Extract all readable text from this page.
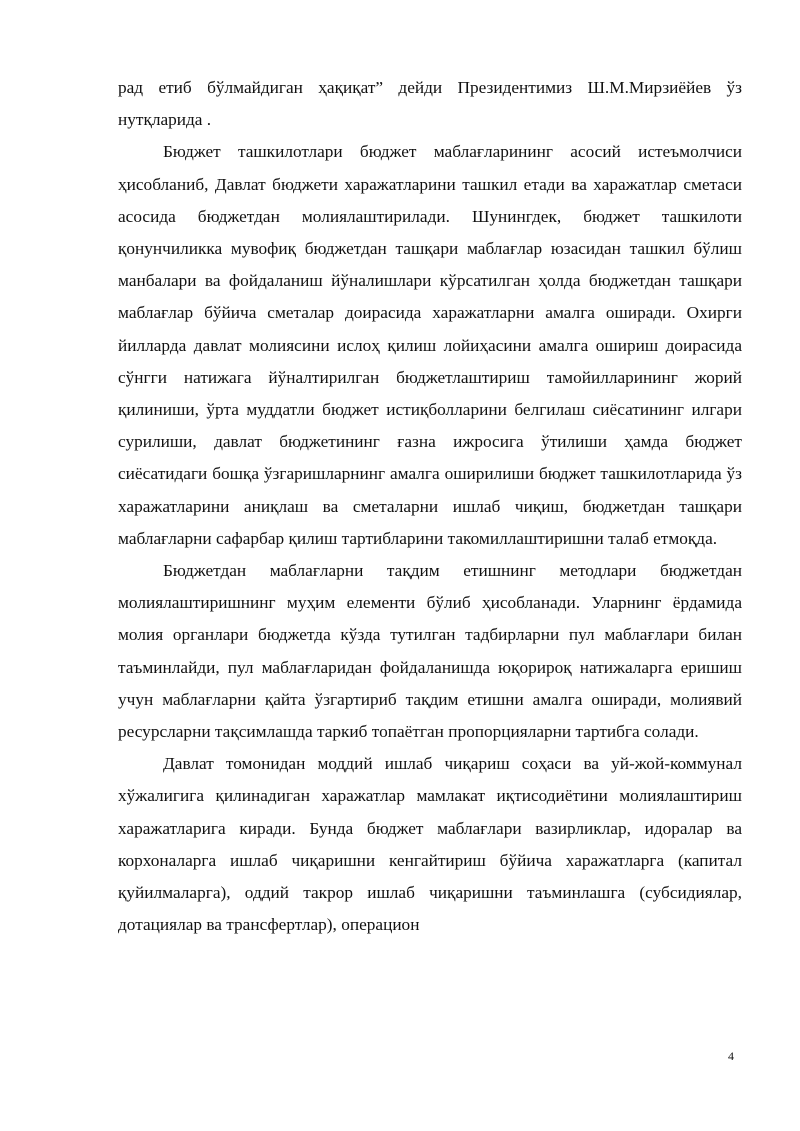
рад етиб бўлмайдиган ҳақиқат” дейди Президентимиз Ш.М.Мирзиёйев ўз нутқларида .

Бюджет ташкилотлари бюджет маблағларининг асосий истеъмолчиси ҳисобланиб, Давлат бюджети харажатларини ташкил етади ва харажатлар сметаси асосида бюджетдан молиялаштирилади. Шунингдек, бюджет ташкилоти қонунчиликка мувофиқ бюджетдан ташқари маблағлар юзасидан ташкил бўлиш манбалари ва фойдаланиш йўналишлари кўрсатилган ҳолда бюджетдан ташқари маблағлар бўйича сметалар доирасида харажатларни амалга оширади. Охирги йилларда давлат молиясини ислоҳ қилиш лойиҳасини амалга ошириш доирасида сўнгги натижага йўналтирилган бюджетлаштириш тамойилларининг жорий қилиниши, ўрта муддатли бюджет истиқболларини белгилаш сиёсатининг илгари сурилиши, давлат бюджетининг ғазна ижросига ўтилиши ҳамда бюджет сиёсатидаги бошқа ўзгаришларнинг амалга оширилиши бюджет ташкилотларида ўз харажатларини аниқлаш ва сметаларни ишлаб чиқиш, бюджетдан ташқари маблағларни сафарбар қилиш тартибларини такомиллаштиришни талаб етмоқда.

Бюджетдан маблағларни тақдим етишнинг методлари бюджетдан молиялаштиришнинг муҳим елементи бўлиб ҳисобланади. Уларнинг ёрдамида молия органлари бюджетда кўзда тутилган тадбирларни пул маблағлари билан таъминлайди, пул маблағларидан фойдаланишда юқорироқ натижаларга еришиш учун маблағларни қайта ўзгартириб тақдим етишни амалга оширади, молиявий ресурсларни тақсимлашда таркиб топаётган пропорцияларни тартибга солади.

Давлат томонидан моддий ишлаб чиқариш соҳаси ва уй-жой-коммунал хўжалигига қилинадиган харажатлар мамлакат иқтисодиётини молиялаштириш харажатларига киради. Бунда бюджет маблағлари вазирликлар, идоралар ва корхоналарга ишлаб чиқаришни кенгайтириш бўйича харажатларга (капитал қуйилмаларга), оддий такрор ишлаб чиқаришни таъминлашга (субсидиялар, дотациялар ва трансфертлар), операцион

4
